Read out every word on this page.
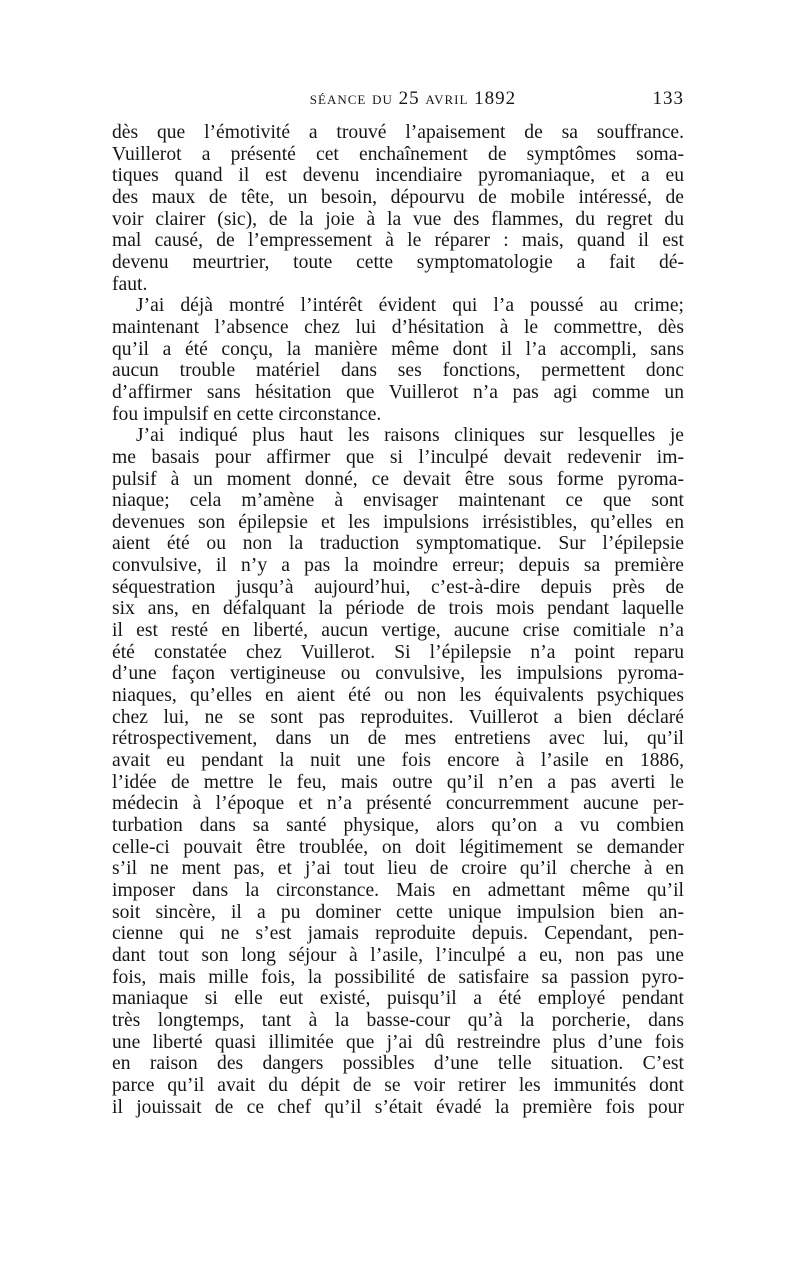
séance du 25 avril 1892	133
dès que l’émotivité a trouvé l’apaisement de sa souffrance.
Vuillerot a présenté cet enchaînement de symptômes soma-
tiques quand il est devenu incendiaire pyromaniaque, et a eu
des maux de tête, un besoin, dépourvu de mobile intéressé, de
voir clairer (sic), de la joie à la vue des flammes, du regret du
mal causé, de l’empressement à le réparer : mais, quand il est
devenu meurtrier, toute cette symptomatologie a fait dé-
faut.
J’ai déjà montré l’intérêt évident qui l’a poussé au crime;
maintenant l’absence chez lui d’hésitation à le commettre, dès
qu’il a été conçu, la manière même dont il l’a accompli, sans
aucun trouble matériel dans ses fonctions, permettent donc
d’affirmer sans hésitation que Vuillerot n’a pas agi comme un
fou impulsif en cette circonstance.
J’ai indiqué plus haut les raisons cliniques sur lesquelles je
me basais pour affirmer que si l’inculpé devait redevenir im-
pulsif à un moment donné, ce devait être sous forme pyroma-
niaque; cela m’amène à envisager maintenant ce que sont
devenues son épilepsie et les impulsions irrésistibles, qu’elles en
aient été ou non la traduction symptomatique. Sur l’épilepsie
convulsive, il n’y a pas la moindre erreur; depuis sa première
séquestration jusqu’à aujourd’hui, c’est-à-dire depuis près de
six ans, en défalquant la période de trois mois pendant laquelle
il est resté en liberté, aucun vertige, aucune crise comitiale n’a
été constatée chez Vuillerot. Si l’épilepsie n’a point reparu
d’une façon vertigineuse ou convulsive, les impulsions pyroma-
niaques, qu’elles en aient été ou non les équivalents psychiques
chez lui, ne se sont pas reproduites. Vuillerot a bien déclaré
rétrospectivement, dans un de mes entretiens avec lui, qu’il
avait eu pendant la nuit une fois encore à l’asile en 1886,
l’idée de mettre le feu, mais outre qu’il n’en a pas averti le
médecin à l’époque et n’a présenté concurremment aucune per-
turbation dans sa santé physique, alors qu’on a vu combien
celle-ci pouvait être troublée, on doit légitimement se demander
s’il ne ment pas, et j’ai tout lieu de croire qu’il cherche à en
imposer dans la circonstance. Mais en admettant même qu’il
soit sincère, il a pu dominer cette unique impulsion bien an-
cienne qui ne s’est jamais reproduite depuis. Cependant, pen-
dant tout son long séjour à l’asile, l’inculpé a eu, non pas une
fois, mais mille fois, la possibilité de satisfaire sa passion pyro-
maniaque si elle eut existé, puisqu’il a été employé pendant
très longtemps, tant à la basse-cour qu’à la porcherie, dans
une liberté quasi illimitée que j’ai dû restreindre plus d’une fois
en raison des dangers possibles d’une telle situation. C’est
parce qu’il avait du dépit de se voir retirer les immunités dont
il jouissait de ce chef qu’il s’était évadé la première fois pour
